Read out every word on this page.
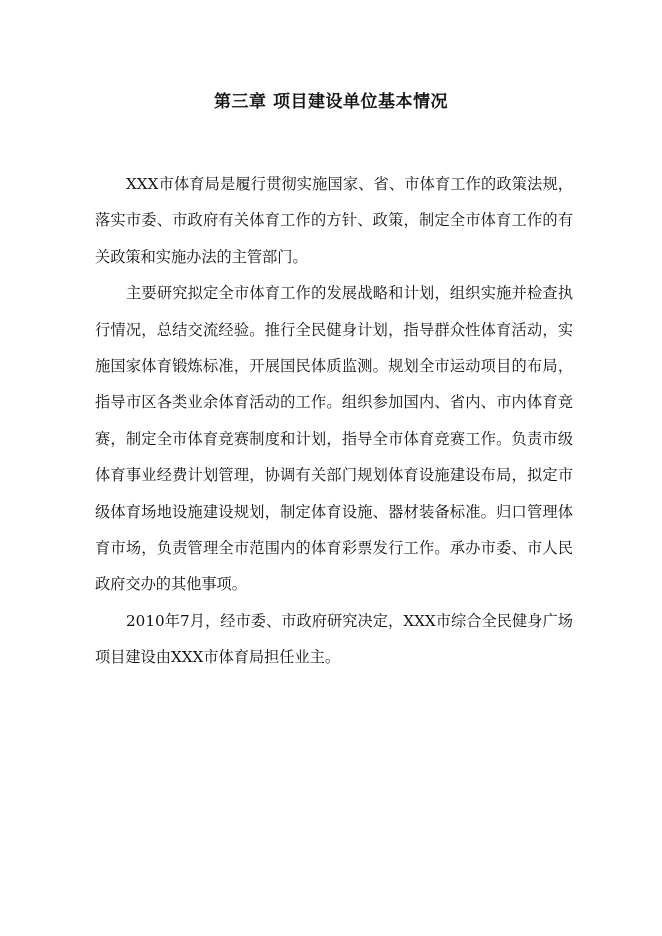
第三章 项目建设单位基本情况

XXX市体育局是履行贯彻实施国家、省、市体育工作的政策法规，落实市委、市政府有关体育工作的方针、政策，制定全市体育工作的有关政策和实施办法的主管部门。

主要研究拟定全市体育工作的发展战略和计划，组织实施并检查执行情况，总结交流经验。推行全民健身计划，指导群众性体育活动，实施国家体育锻炼标准，开展国民体质监测。规划全市运动项目的布局，指导市区各类业余体育活动的工作。组织参加国内、省内、市内体育竞赛，制定全市体育竞赛制度和计划，指导全市体育竞赛工作。负责市级体育事业经费计划管理，协调有关部门规划体育设施建设布局，拟定市级体育场地设施建设规划，制定体育设施、器材装备标准。归口管理体育市场，负责管理全市范围内的体育彩票发行工作。承办市委、市人民政府交办的其他事项。

2010年7月，经市委、市政府研究决定，XXX市综合全民健身广场项目建设由XXX市体育局担任业主。
